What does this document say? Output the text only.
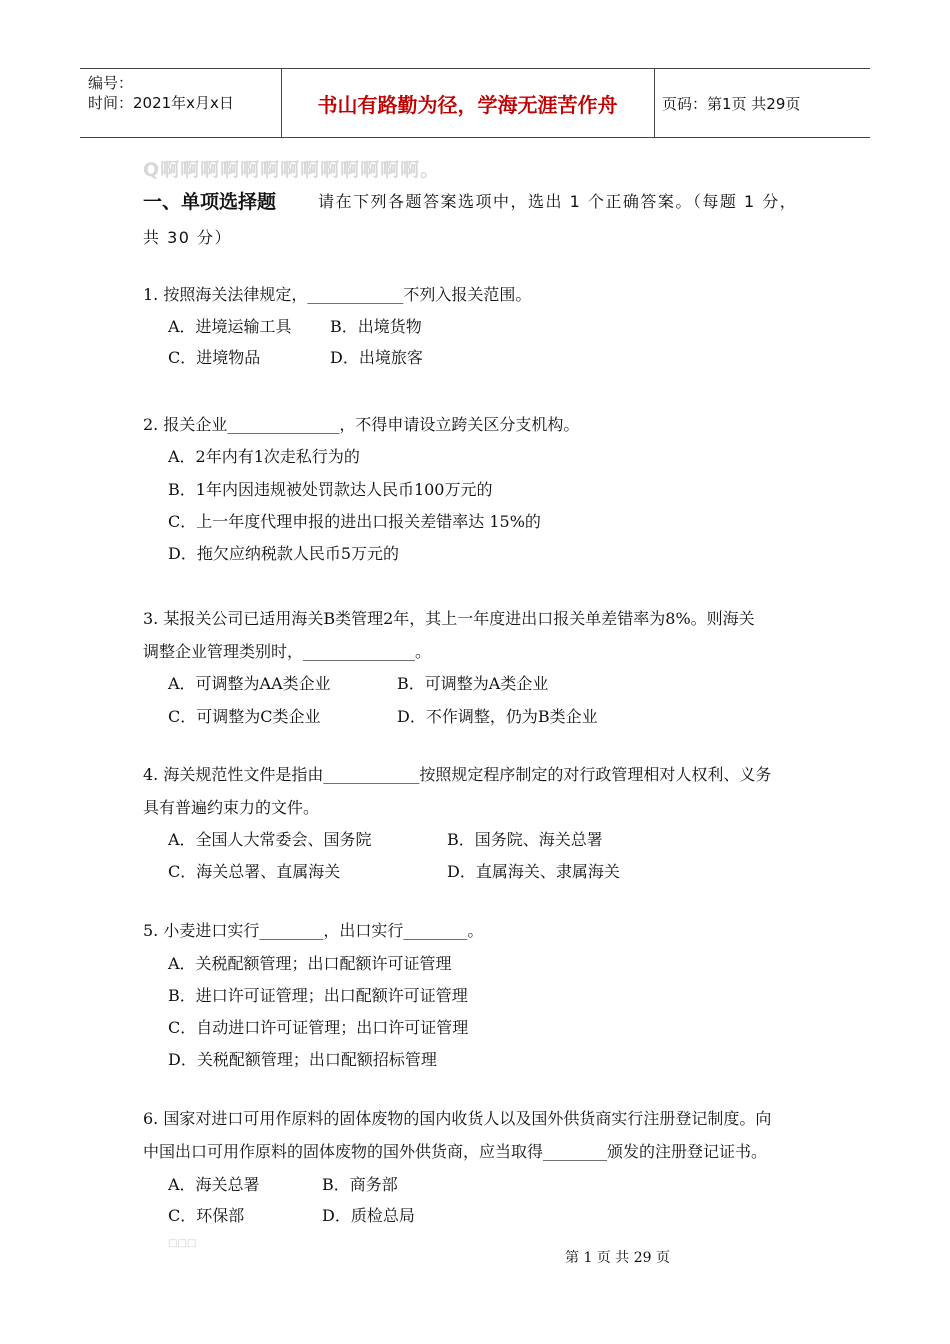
编号：
时间：2021年x月x日	书山有路勤为径，学海无涯苦作舟	页码：第1页 共29页
Q啊啊啊啊啊啊啊啊啊啊啊啊啊。
一、单项选择题	请在下列各题答案选项中，选出 1 个正确答案。（每题 1 分，
共 30 分）
1. 按照海关法律规定，____________不列入报关范围。
A．进境运输工具 B．出境货物
C．进境物品	D．出境旅客
2. 报关企业______________，不得申请设立跨关区分支机构。
A．2年内有1次走私行为的
B．1年内因违规被处罚款达人民币100万元的
C．上一年度代理申报的进出口报关差错率达 15%的
D．拖欠应纳税款人民币5万元的
3. 某报关公司已适用海关B类管理2年，其上一年度进出口报关单差错率为8%。则海关
调整企业管理类别时，______________。
A．可调整为AA类企业	B．可调整为A类企业
C．可调整为C类企业	D．不作调整，仍为B类企业
4. 海关规范性文件是指由____________按照规定程序制定的对行政管理相对人权利、义务
具有普遍约束力的文件。
A．全国人大常委会、国务院	B．国务院、海关总署
C．海关总署、直属海关	D．直属海关、隶属海关
5. 小麦进口实行________，出口实行________。
A．关税配额管理；出口配额许可证管理
B．进口许可证管理；出口配额许可证管理
C．自动进口许可证管理；出口许可证管理
D．关税配额管理；出口配额招标管理
6. 国家对进口可用作原料的固体废物的国内收货人以及国外供货商实行注册登记制度。向
中国出口可用作原料的固体废物的国外供货商，应当取得________颁发的注册登记证书。
A．海关总署	B．商务部
C．环保部	D．质检总局
□□□
第 1 页 共 29 页
